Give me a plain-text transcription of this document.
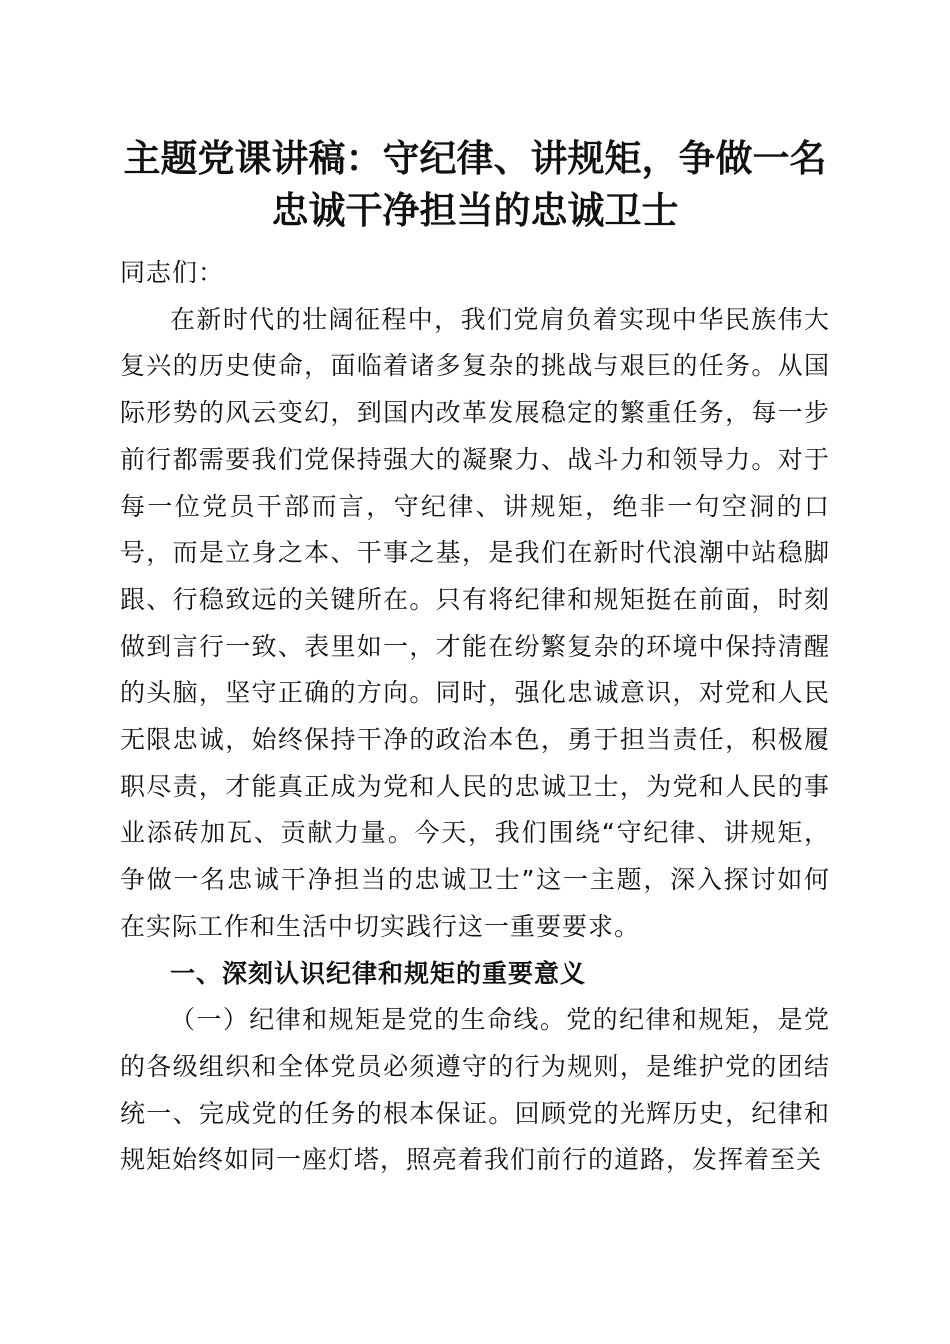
主题党课讲稿：守纪律、讲规矩，争做一名忠诚干净担当的忠诚卫士

同志们：

在新时代的壮阔征程中，我们党肩负着实现中华民族伟大复兴的历史使命，面临着诸多复杂的挑战与艰巨的任务。从国际形势的风云变幻，到国内改革发展稳定的繁重任务，每一步前行都需要我们党保持强大的凝聚力、战斗力和领导力。对于每一位党员干部而言，守纪律、讲规矩，绝非一句空洞的口号，而是立身之本、干事之基，是我们在新时代浪潮中站稳脚跟、行稳致远的关键所在。只有将纪律和规矩挺在前面，时刻做到言行一致、表里如一，才能在纷繁复杂的环境中保持清醒的头脑，坚守正确的方向。同时，强化忠诚意识，对党和人民无限忠诚，始终保持干净的政治本色，勇于担当责任，积极履职尽责，才能真正成为党和人民的忠诚卫士，为党和人民的事业添砖加瓦、贡献力量。今天，我们围绕“守纪律、讲规矩，争做一名忠诚干净担当的忠诚卫士”这一主题，深入探讨如何在实际工作和生活中切实践行这一重要要求。

一、深刻认识纪律和规矩的重要意义

（一）纪律和规矩是党的生命线。党的纪律和规矩，是党的各级组织和全体党员必须遵守的行为规则，是维护党的团结统一、完成党的任务的根本保证。回顾党的光辉历史，纪律和规矩始终如同一座灯塔，照亮着我们前行的道路，发挥着至关
